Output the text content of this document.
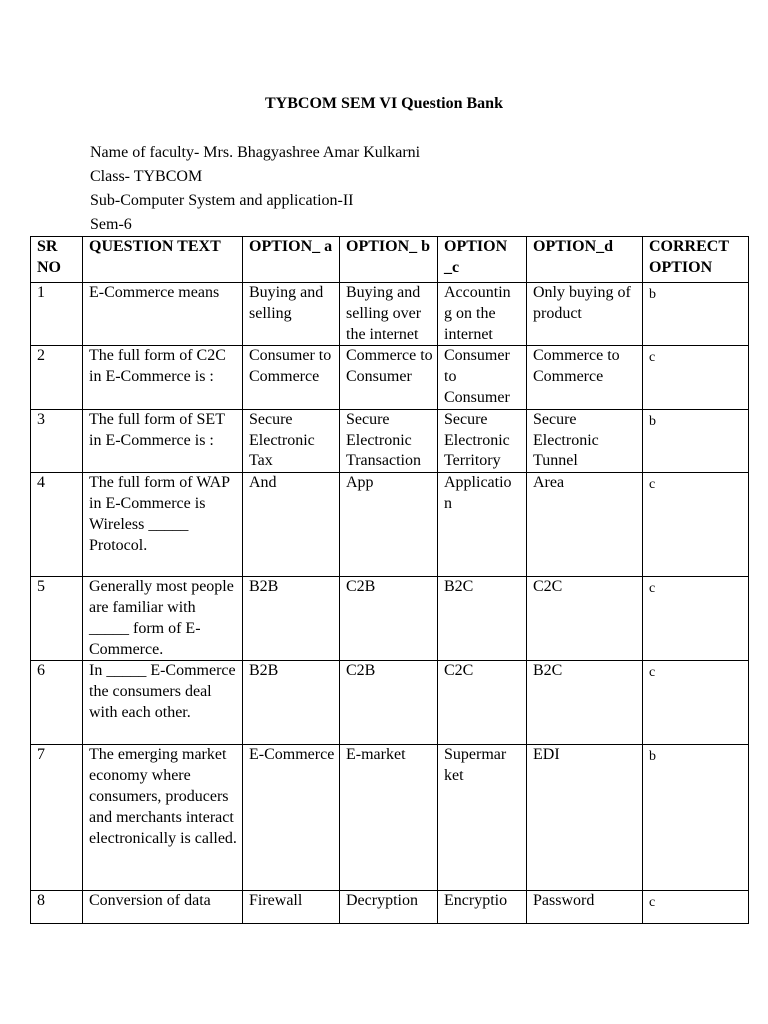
TYBCOM SEM VI Question Bank
Name of faculty- Mrs. Bhagyashree Amar Kulkarni
Class- TYBCOM
Sub-Computer System and application-II
Sem-6
SR NO	QUESTION TEXT	OPTION_ a	OPTION_ b	OPTION _c	OPTION_d	CORRECT OPTION
1	E-Commerce means	Buying and selling	Buying and selling over the internet	Accountin g on the internet	Only buying of product	b
2	The full form of C2C in E-Commerce is :	Consumer to Commerce	Commerce to Consumer	Consumer to Consumer	Commerce to Commerce	c
3	The full form of SET in E-Commerce is :	Secure Electronic Tax	Secure Electronic Transaction	Secure Electronic Territory	Secure Electronic Tunnel	b
4	The full form of WAP in E-Commerce is Wireless _____ Protocol.	And	App	Applicatio n	Area	c
5	Generally most people are familiar with _____ form of E-Commerce.	B2B	C2B	B2C	C2C	c
6	In _____ E-Commerce the consumers deal with each other.	B2B	C2B	C2C	B2C	c
7	The emerging market economy where consumers, producers and merchants interact electronically is called.	E-Commerce	E-market	Supermar ket	EDI	b
8	Conversion of data	Firewall	Decryption	Encryptio	Password	c
